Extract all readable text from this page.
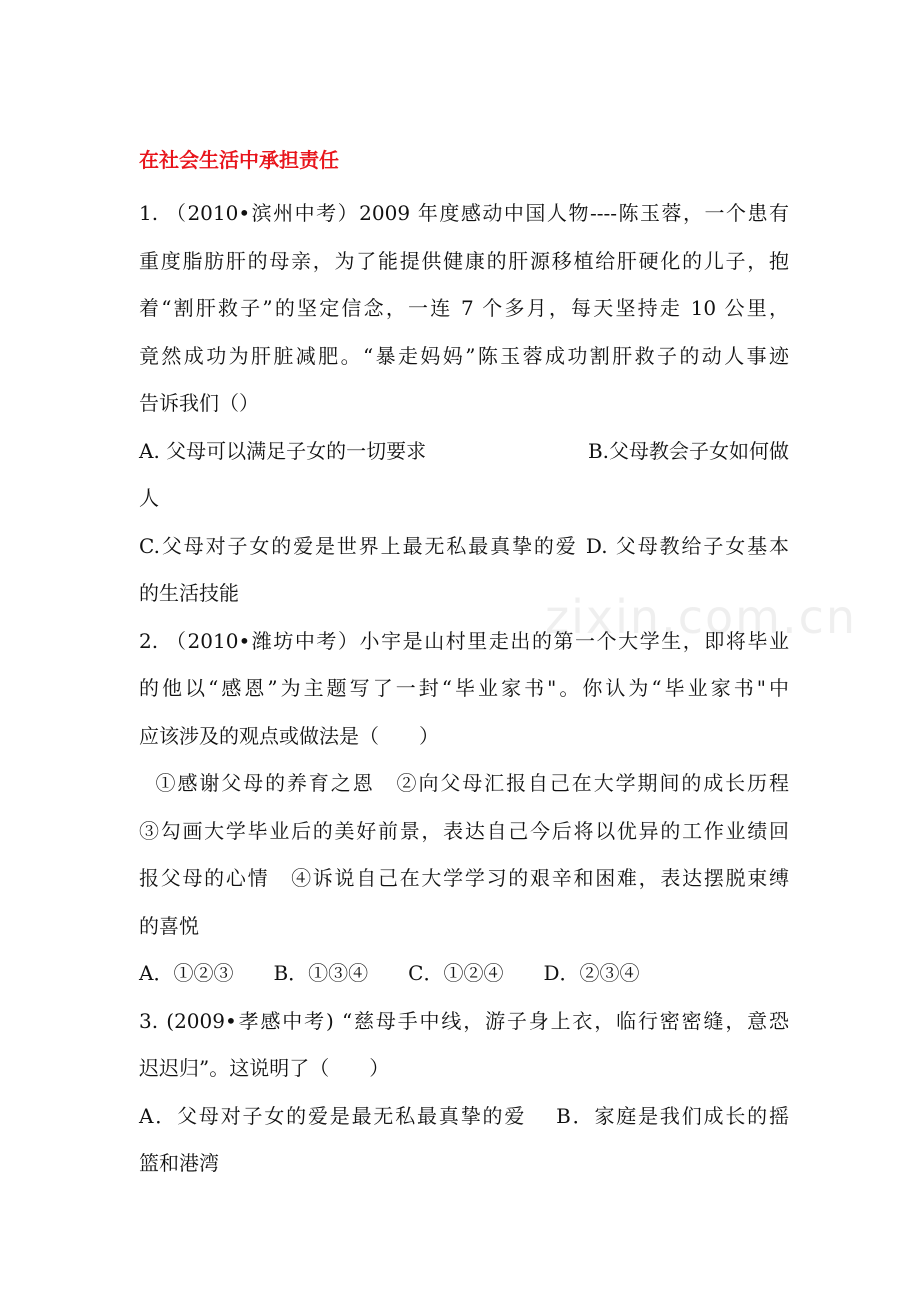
zixin.com.cn
在社会生活中承担责任
1. （2010•滨州中考）2009 年度感动中国人物----陈玉蓉，一个患有
重度脂肪肝的母亲，为了能提供健康的肝源移植给肝硬化的儿子，抱
着“割肝救子”的坚定信念，一连 7 个多月，每天坚持走 10 公里，
竟然成功为肝脏减肥。“暴走妈妈”陈玉蓉成功割肝救子的动人事迹
告诉我们（）
A. 父母可以满足子女的一切要求	B.父母教会子女如何做
人
C.父母对子女的爱是世界上最无私最真挚的爱 D. 父母教给子女基本
的生活技能
2. （2010•潍坊中考）小宇是山村里走出的第一个大学生，即将毕业
的他以“感恩”为主题写了一封“毕业家书"。你认为“毕业家书"中
应该涉及的观点或做法是（　　）
①感谢父母的养育之恩　②向父母汇报自己在大学期间的成长历程
③勾画大学毕业后的美好前景，表达自己今后将以优异的工作业绩回
报父母的心情　④诉说自己在大学学习的艰辛和困难，表达摆脱束缚
的喜悦
A．①②③　　B．①③④　　C．①②④　　D．②③④
3. (2009•孝感中考) “慈母手中线，游子身上衣，临行密密缝，意恐
迟迟归”。这说明了（　　）
A．父母对子女的爱是最无私最真挚的爱　 B．家庭是我们成长的摇
篮和港湾
